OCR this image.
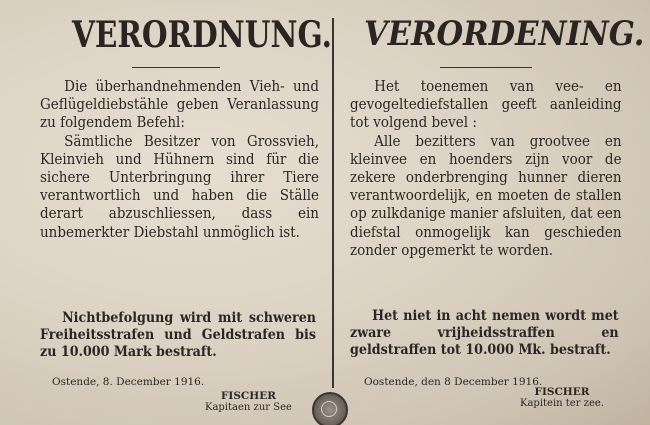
VERORDNUNG.

Die überhandnehmenden Vieh- und Geflügeldiebstähle geben Veranlassung zu folgendem Befehl:

Sämtliche Besitzer von Grossvieh, Kleinvieh und Hühnern sind für die sichere Unterbringung ihrer Tiere verantwortlich und haben die Ställe derart abzuschliessen, dass ein unbemerkter Diebstahl unmöglich ist.

Nichtbefolgung wird mit schweren Freiheitsstrafen und Geldstrafen bis zu 10.000 Mark bestraft.

Ostende, 8. December 1916.
FISCHER
Kapitaen zur See
VERORDENING.

Het toenemen van vee- en gevogeltediefstallen geeft aanleiding tot volgend bevel :

Alle bezitters van grootvee en kleinvee en hoenders zijn voor de zekere onderbrenging hunner dieren verantwoordelijk, en moeten de stallen op zulkdanige manier afsluiten, dat een diefstal onmogelijk kan geschieden zonder opgemerkt te worden.

Het niet in acht nemen wordt met zware vrijheidsstraffen en geldstraffen tot 10.000 Mk. bestraft.

Oostende, den 8 December 1916.
FISCHER
Kapitein ter zee.
